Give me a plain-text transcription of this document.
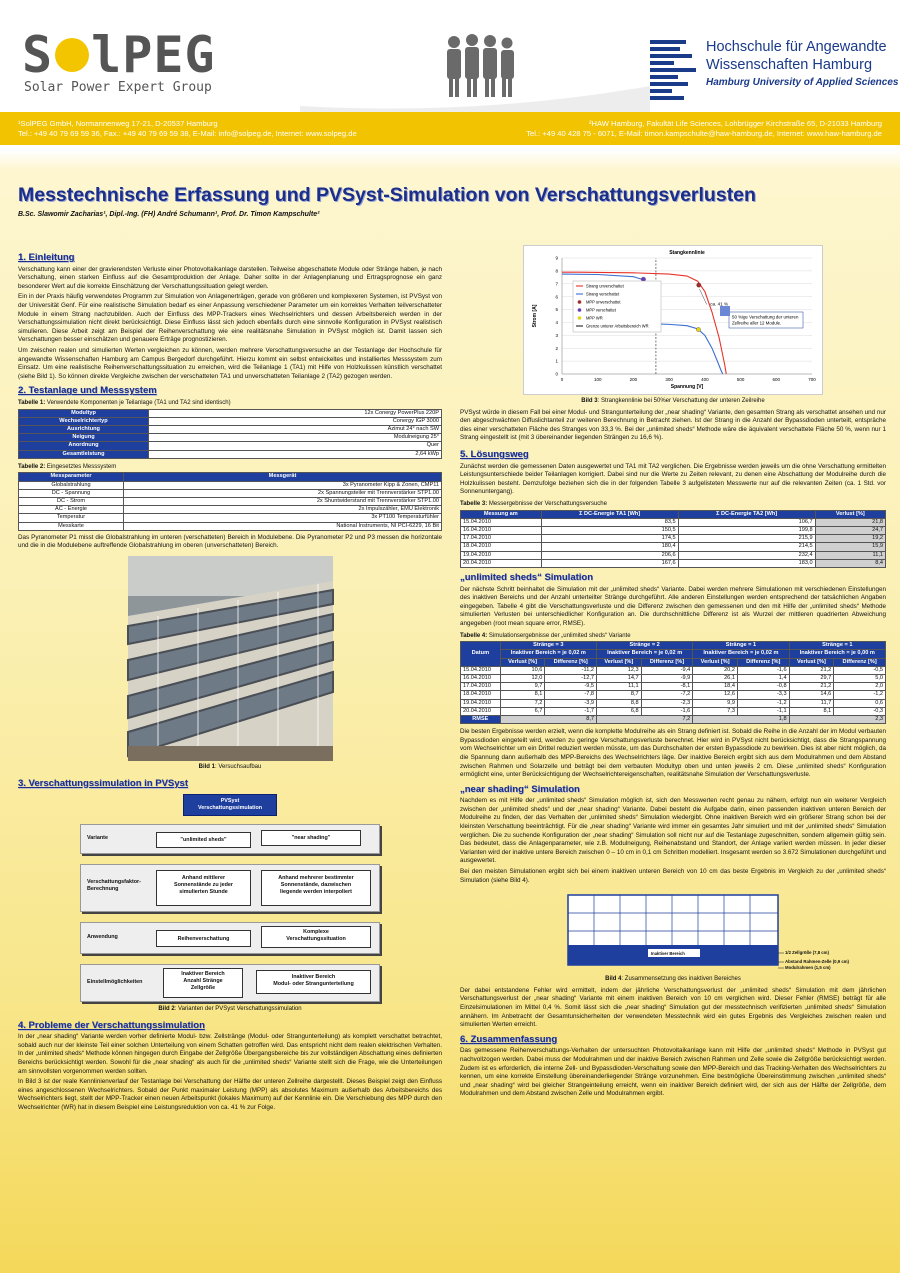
S lPEG
Solar Power Expert Group
Hochschule für Angewandte
Wissenschaften Hamburg
Hamburg University of Applied Sciences
¹SolPEG GmbH, Normannenweg 17-21, D-20537 Hamburg
Tel.: +49 40 79 69 59 36, Fax.: +49 40 79 69 59 38, E-Mail: info@solpeg.de, Internet: www.solpeg.de
²HAW Hamburg, Fakultät Life Sciences, Lohbrügger Kirchstraße 65, D-21033 Hamburg
Tel.: +49 40 428 75 - 6071, E-Mail: timon.kampschulte@haw-hamburg.de, Internet: www.haw-hamburg.de
Messtechnische Erfassung und PVSyst-Simulation von Verschattungsverlusten
B.Sc. Slawomir Zacharias¹, Dipl.-Ing. (FH) André Schumann¹, Prof. Dr. Timon Kampschulte²
1. Einleitung

Verschattung kann einer der gravierendsten Verluste einer Photovoltaikanlage darstellen. Teilweise abgeschattete Module oder Stränge haben, je nach Verschaltung, einen starken Einfluss auf die Gesamtproduktion der Anlage. Daher sollte in der Anlagenplanung und Ertragsprognose ein ganz besonderer Wert auf die korrekte Einschätzung der Verschattungssituation gelegt werden.

Ein in der Praxis häufig verwendetes Programm zur Simulation von Anlagenerträgen, gerade von größeren und komplexeren Systemen, ist PVSyst von der Universität Genf. Für eine realistische Simulation bedarf es einer Anpassung verschiedener Parameter um ein korrektes Verhalten teilverschatteter Module in einem Strang nachzubilden. Auch der Einfluss des MPP-Trackers eines Wechselrichters und dessen Arbeitsbereich werden in der Verschattungssimulation nicht direkt berücksichtigt. Diese Einfluss lässt sich jedoch ebenfalls durch eine sinnvolle Konfiguration in PVSyst realistisch simulieren. Diese Arbeit zeigt am Beispiel der Reihenverschattung wie eine realitätsnahe Simulation in PVSyst möglich ist. Damit lassen sich Verschattungen besser einschätzen und genauere Erträge prognostizieren.

Um zwischen realen und simulierten Werten vergleichen zu können, werden mehrere Verschattungsversuche an der Testanlage der Hochschule für angewandte Wissenschaften Hamburg am Campus Bergedorf durchgeführt. Hierzu kommt ein selbst entwickeltes und installiertes Messsystem zum Einsatz. Um eine realistische Reihenverschattungssituation zu erreichen, wird die Teilanlage 1 (TA1) mit Hilfe von Holzkulissen künstlich verschattet (siehe Bild 1). So können direkte Vergleiche zwischen der verschatteten TA1 und unverschatteten Teilanlage 2 (TA2) gezogen werden.

2. Testanlage und Messsystem
Tabelle 1: Verwendete Komponenten je Teilanlage (TA1 und TA2 sind identisch)
Modultyp	12x Conergy PowerPlus 220P
Wechselrichtertyp	Conergy IGP 3000
Ausrichtung	Azimut 24° nach SW
Neigung	Modulneigung 25°
Anordnung	Quer
Gesamtleistung	2,64 kWp
Tabelle 2: Eingesetztes Messsystem
Messparameter	Messgerät
Globalstrahlung	3x Pyranometer Kipp & Zonen, CMP11
DC - Spannung	2x Spannungsteiler mit Trennverstärker STP1.00
DC - Strom	2x Shuntwiderstand mit Trennverstärker STP1.00
AC - Energie	2x Impulszähler, EMU Elektronik
Temperatur	3x PT100 Temperaturfühler
Messkarte	National Instruments, NI PCI-6229, 16 Bit

Das Pyranometer P1 misst die Globalstrahlung im unteren (verschatteten) Bereich in Modulebene. Die Pyranometer P2 und P3 messen die horizontale und die in die Modulebene auftreffende Globalstrahlung im oberen (unverschatteten) Bereich.

Bild 1: Versuchsaufbau
3. Verschattungssimulation in PVSyst
PVSyst
Verschattungssimulation
Variante	"unlimited sheds"	"near shading"
Verschattungsfaktor-
Berechnung
Anhand mittlerer
Sonnenstände zu jeder
simulierten Stunde
Anhand mehrerer bestimmter
Sonnenstände, dazwischen
liegende werden interpoliert
Anwendung	Reihenverschattung
Komplexe
Verschattungssituation
Einstellmöglichkeiten
Inaktiver Bereich
Anzahl Stränge
Zellgröße
Inaktiver Bereich
Modul- oder Strangunterteilung
Bild 2: Varianten der PVSyst Verschattungssimulation
4. Probleme der Verschattungssimulation

In der „near shading“ Variante werden vorher definierte Modul- bzw. Zellstränge (Modul- oder Strangunterteilung) als komplett verschattet betrachtet, sobald auch nur der kleinste Teil einer solchen Unterteilung von einem Schatten getroffen wird. Das entspricht nicht dem realen elektrischen Verhalten. In der „unlimited sheds“ Methode können hingegen durch Eingabe der Zellgröße Übergangsbereiche bis zur vollständigen Abschattung eines definierten Bereichs berücksichtigt werden. Sowohl für die „near shading“ als auch für die „unlimited sheds“ Variante stellt sich die Frage, wie die Unterteilungen am sinnvollsten vorgenommen werden sollten.

In Bild 3 ist der reale Kennlinienverlauf der Testanlage bei Verschattung der Hälfte der unteren Zellreihe dargestellt. Dieses Beispiel zeigt den Einfluss eines angeschlossenen Wechselrichters. Sobald der Punkt maximaler Leistung (MPP) als absolutes Maximum außerhalb des Arbeitsbereichs des Wechselrichters liegt, stellt der MPP-Tracker einen neuen Arbeitspunkt (lokales Maximum) auf der Kennlinie ein. Die Verschiebung des MPP durch den Wechselrichter (WR) hat in diesem Beispiel eine Leistungsreduktion von ca. 41 % zur Folge.

0
1
2
3
4
5
6
7
8
9
0	100	200	300	400	500	600	700
Stangkennlinie
Spannung [V]
Strom [A]
Strang unverschattet
Strang verschattet
MPP unverschattet
MPP verschattet
MPP WR
Grenze unterer Arbeitsbereich WR
50 %ige Verschattung der unteren
Zellreihe aller 12 Module.
ca. 41 %
Bild 3: Strangkennlinie bei 50%er Verschattung der unteren Zeilreihe

PVSyst würde in diesem Fall bei einer Modul- und Strangunterteilung der „near shading“ Variante, den gesamten Strang als verschattet ansehen und nur den abgeschwächten Diffuslichtanteil zur weiteren Berechnung in Betracht ziehen. Ist der Strang in die Anzahl der Bypassdioden unterteilt, entspräche dies einer verschatteten Fläche des Stranges von 33,3 %. Bei der „unlimited sheds“ Methode wäre die äquivalent verschattete Fläche 50 %, wenn nur 1 Strang eingestellt ist (mit 3 übereinander liegenden Strängen zu 16,6 %).

5. Lösungsweg

Zunächst werden die gemessenen Daten ausgewertet und TA1 mit TA2 verglichen. Die Ergebnisse werden jeweils um die ohne Verschattung ermittelten Leistungsunterschiede beider Teilanlagen korrigiert. Dabei sind nur die Werte zu Zeiten relevant, zu denen eine Abschattung der Modulreihe durch die Holzkulissen besteht. Demzufolge beziehen sich die in der folgenden Tabelle 3 aufgelisteten Messwerte nur auf die relevanten Zeiten (ca. 1 Std. vor Sonnenuntergang).

Tabelle 3: Messergebnisse der Verschattungsversuche
Messung am	Σ DC-Energie TA1 [Wh]	Σ DC-Energie TA2 [Wh]	Verlust [%]
15.04.2010	83,5	106,7	21,8
16.04.2010	150,5	199,8	24,7
17.04.2010	174,5	215,9	19,2
18.04.2010	180,4	214,5	15,9
19.04.2010	206,6	232,4	11,1
20.04.2010	167,6	183,0	8,4
„unlimited sheds“ Simulation

Der nächste Schritt beinhaltet die Simulation mit der „unlimited sheds“ Variante. Dabei werden mehrere Simulationen mit verschiedenen Einstellungen des inaktiven Bereichs und der Anzahl unterteilter Stränge durchgeführt. Alle anderen Einstellungen werden entsprechend der tatsächlichen Angaben eingegeben. Tabelle 4 gibt die Verschattungsverluste und die Differenz zwischen den gemessenen und den mit Hilfe der „unlimited sheds“ Methode simulierten Verlusten bei unterschiedlicher Konfiguration an. Die durchschnittliche Differenz ist als Wurzel der mittleren quadrierten Abweichung angegeben (root mean square error, RMSE).

Tabelle 4: Simulationsergebnisse der „unlimited sheds“ Variante
Datum	Stränge = 3		Stränge = 2		Stränge = 1		Stränge = 1	
	Inaktiver Bereich = je 0,02 m		Inaktiver Bereich = je 0,02 m		Inaktiver Bereich = je 0,02 m		Inaktiver Bereich = je 0,00 m	
	Verlust [%]	Differenz [%]	Verlust [%]	Differenz [%]	Verlust [%]	Differenz [%]	Verlust [%]	Differenz [%]
15.04.2010	10,6	-11,2	12,3	-9,4	20,2	-1,6	21,2	-0,5
16.04.2010	12,0	-12,7	14,7	-9,9	26,1	1,4	29,7	5,0
17.04.2010	9,7	-9,5	11,1	-8,1	18,4	-0,8	21,2	2,0
18.04.2010	8,1	-7,8	8,7	-7,2	12,6	-3,3	14,6	-1,2
19.04.2010	7,2	-3,9	8,8	-2,3	9,9	-1,2	11,7	0,6
20.04.2010	6,7	-1,7	6,8	-1,6	7,3	-1,1	8,1	-0,3
RMSE	8,7		7,2		1,8		2,3	

Die besten Ergebnisse werden erzielt, wenn die komplette Modulreihe als ein Strang definiert ist. Sobald die Reihe in die Anzahl der im Modul verbauten Bypassdioden eingeteilt wird, werden zu geringe Verschattungsverluste berechnet. Hier wird in PVSyst nicht berücksichtigt, dass die Strangspannung vom Wechselrichter um ein Drittel reduziert werden müsste, um das Durchschalten der ersten Bypassdiode zu bewirken. Dies ist aber nicht möglich, da die Spannung dann außerhalb des MPP-Bereichs des Wechselrichters läge. Der inaktive Bereich ergibt sich aus dem Modulrahmen und dem Abstand zwischen Rahmen und Solarzelle und beträgt bei dem verbauten Modultyp oben und unten jeweils 2 cm. Diese „unlimited sheds“ Konfiguration ermöglicht eine, unter Berücksichtigung der Wechselrichtereigenschaften, realitätsnahe Simulation der Verschattungsverluste.

„near shading“ Simulation

Nachdem es mit Hilfe der „unlimited sheds“ Simulation möglich ist, sich den Messwerten recht genau zu nähern, erfolgt nun ein weiterer Vergleich zwischen der „unlimited sheds“ und der „near shading“ Variante. Dabei besteht die Aufgabe darin, einen passenden inaktiven unteren Bereich der Modulreihe zu finden, der das Verhalten der „unlimited sheds“ Simulation wiedergibt. Ohne inaktiven Bereich wird ein größerer Strang schon bei der kleinsten Verschattung beeinträchtigt. Für die „near shading“ Variante wird immer ein gesamtes Jahr simuliert und mit der „unlimited sheds“ Simulation verglichen. Die zu suchende Konfiguration der „near shading“ Simulation soll nicht nur auf die Testanlage zugeschnitten, sondern allgemein gültig sein. Das bedeutet, dass die Anlagenparameter, wie z.B. Modulneigung, Reihenabstand und Standort, der Anlage variiert werden müssen. In jeder dieser Varianten wird der inaktive untere Bereich zwischen 0 – 10 cm in 0,1 cm Schritten modelliert. Insgesamt werden so 3.672 Simulationen durchgeführt und ausgewertet.

Bei den meisten Simulationen ergibt sich bei einem inaktiven unteren Bereich von 10 cm das beste Ergebnis im Vergleich zu der „unlimited sheds“ Simulation (siehe Bild 4).

Inaktiver Bereich	1/2 Zellgröße (7,8 cm)
Abstand Rahmen-Zelle (0,9 cm)
Modulrahmen (1,5 cm)
Bild 4: Zusammensetzung des inaktiven Bereiches

Der dabei entstandene Fehler wird ermittelt, indem der jährliche Verschattungsverlust der „unlimited sheds“ Simulation mit dem jährlichen Verschattungsverlust der „near shading“ Variante mit einem inaktiven Bereich von 10 cm verglichen wird. Dieser Fehler (RMSE) beträgt für alle Einzelsimulationen im Mittel 0,4 %. Somit lässt sich die „near shading“ Simulation gut der messtechnisch verifizierten „unlimited sheds“ Simulation annähern. Im Anbetracht der Gesamtunsicherheiten der verwendeten Messtechnik wird ein gutes Ergebnis des Vergleiches zwischen realen und simulierten Werten erreicht.

6. Zusammenfassung

Das gemessene Reihenverschattungs-Verhalten der untersuchten Photovoltaikanlage kann mit Hilfe der „unlimited sheds“ Methode in PVSyst gut nachvollzogen werden. Dabei muss der Modulrahmen und der inaktive Bereich zwischen Rahmen und Zelle sowie die Zellgröße berücksichtigt werden. Zudem ist es erforderlich, die interne Zell- und Bypassdioden-Verschaltung sowie den MPP-Bereich und das Tracking-Verhalten des Wechselrichters zu kennen, um eine korrekte Einstellung übereinanderliegender Stränge vorzunehmen. Eine bestmögliche Übereinstimmung zwischen „unlimited sheds“ und „near shading“ wird bei gleicher Strangeinteilung erreicht, wenn ein inaktiver Bereich definiert wird, der sich aus der Hälfte der Zellgröße, dem Modulrahmen und dem Abstand zwischen Zelle und Modulrahmen ergibt.
